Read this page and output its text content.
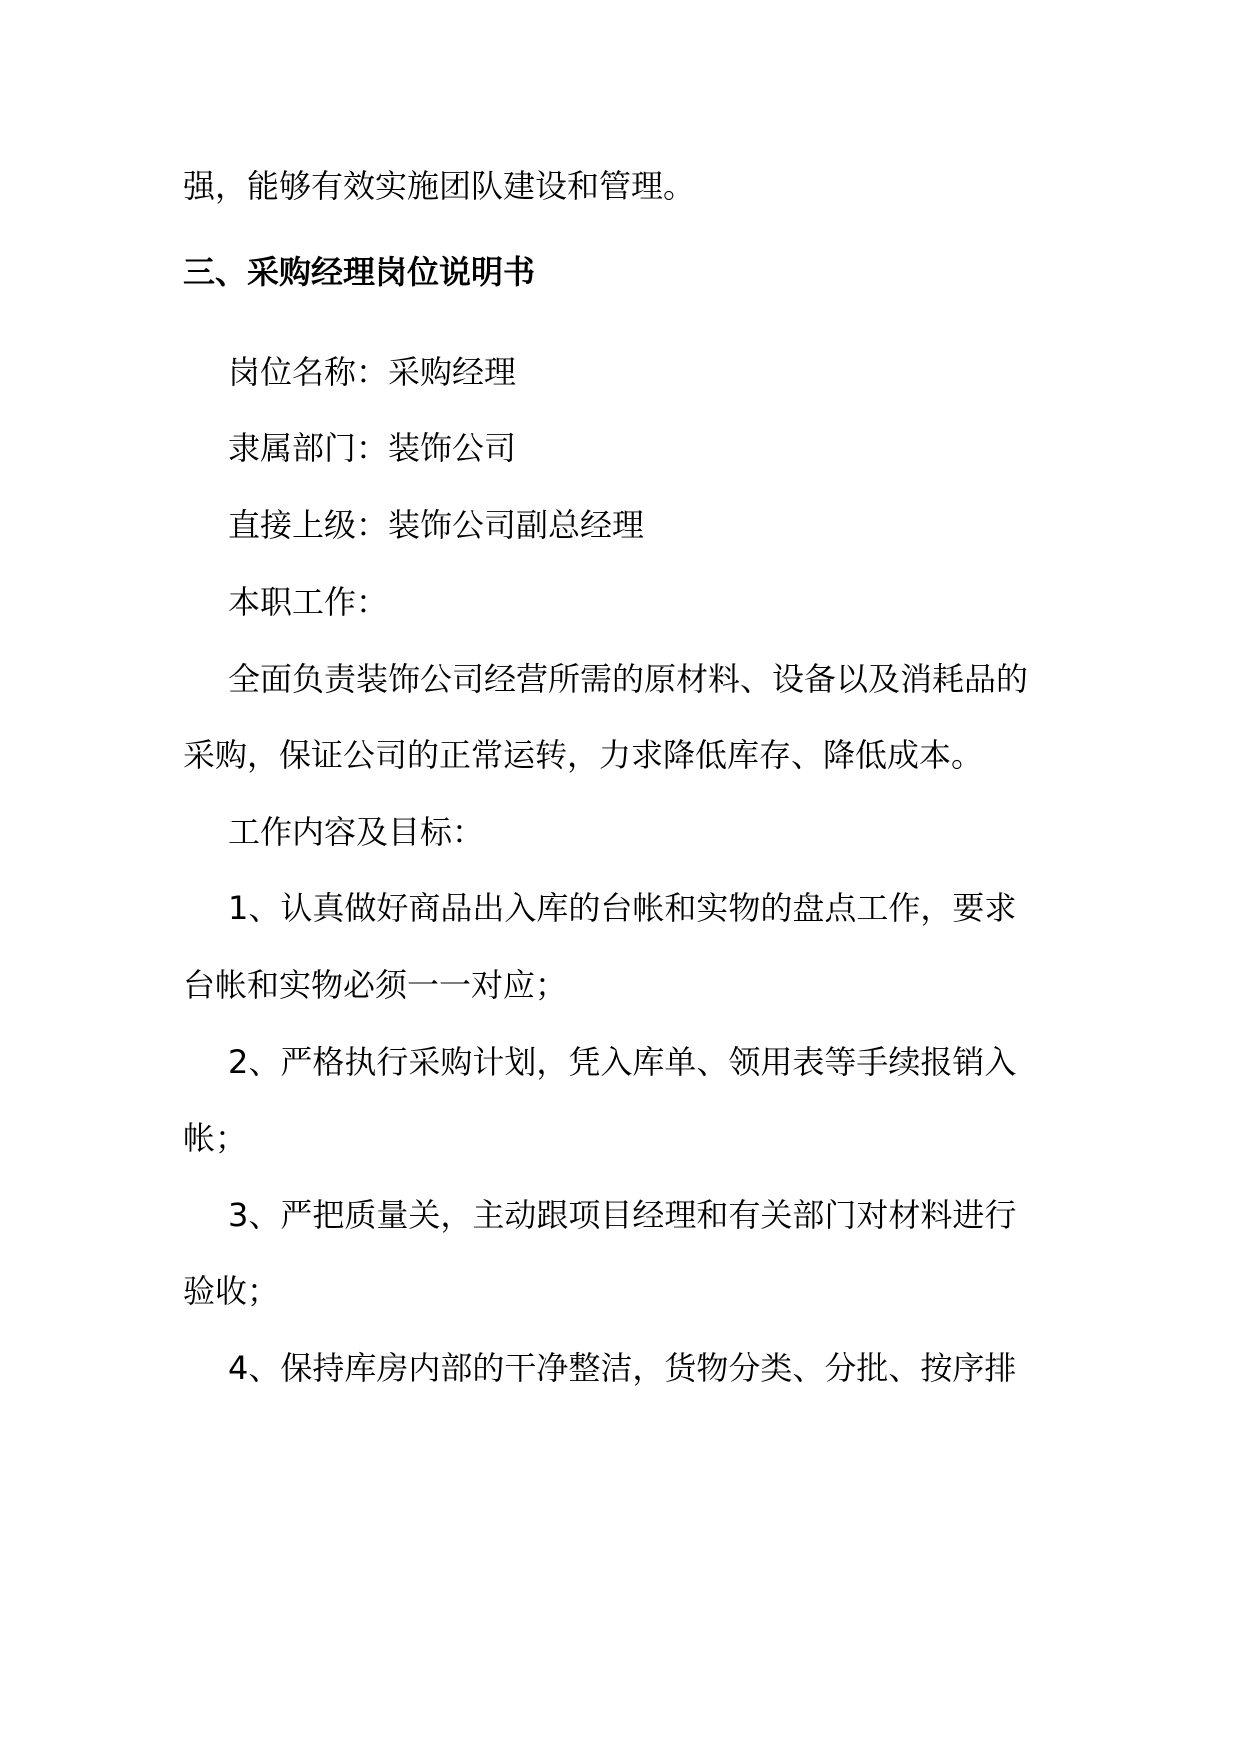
强，能够有效实施团队建设和管理。
三、采购经理岗位说明书
岗位名称：采购经理
隶属部门：装饰公司
直接上级：装饰公司副总经理
本职工作：
全面负责装饰公司经营所需的原材料、设备以及消耗品的
采购，保证公司的正常运转，力求降低库存、降低成本。
工作内容及目标：
1、认真做好商品出入库的台帐和实物的盘点工作，要求
台帐和实物必须一一对应；
2、严格执行采购计划，凭入库单、领用表等手续报销入
帐；
3、严把质量关，主动跟项目经理和有关部门对材料进行
验收；
4、保持库房内部的干净整洁，货物分类、分批、按序排
